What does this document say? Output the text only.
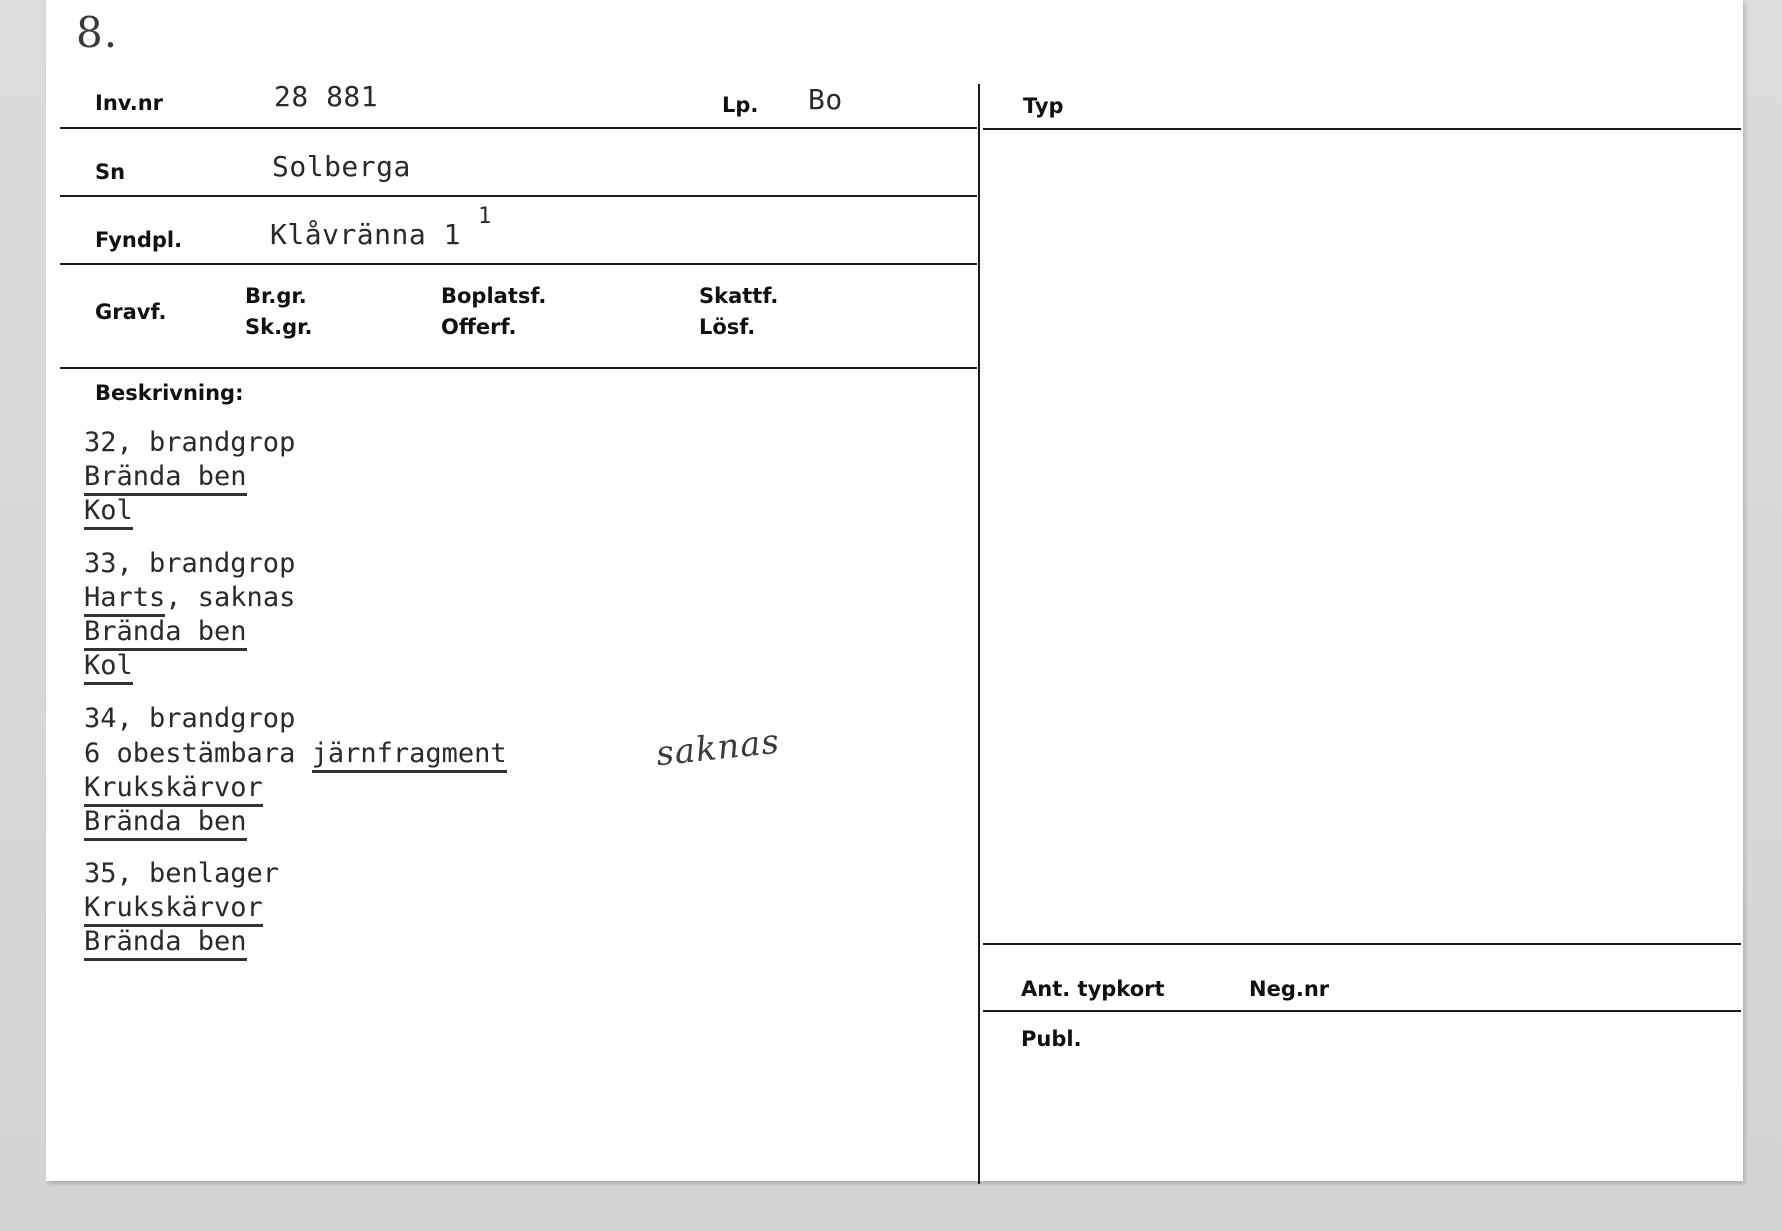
8.
Inv.nr	28 881	Lp. Bo	Typ
Sn	Solberga
Fyndpl.	Klåvränna 1
1
Gravf.
Br.gr.
Sk.gr.
Boplatsf.
Offerf.
Skattf.
Lösf.
Beskrivning:
32, brandgrop
Brända ben
Kol
33, brandgrop
Harts, saknas
Brända ben
Kol
34, brandgrop
6 obestämbara järnfragment
Krukskärvor
Brända ben
35, benlager
Krukskärvor
Brända ben
saknas
Ant. typkort	Neg.nr
Publ.
